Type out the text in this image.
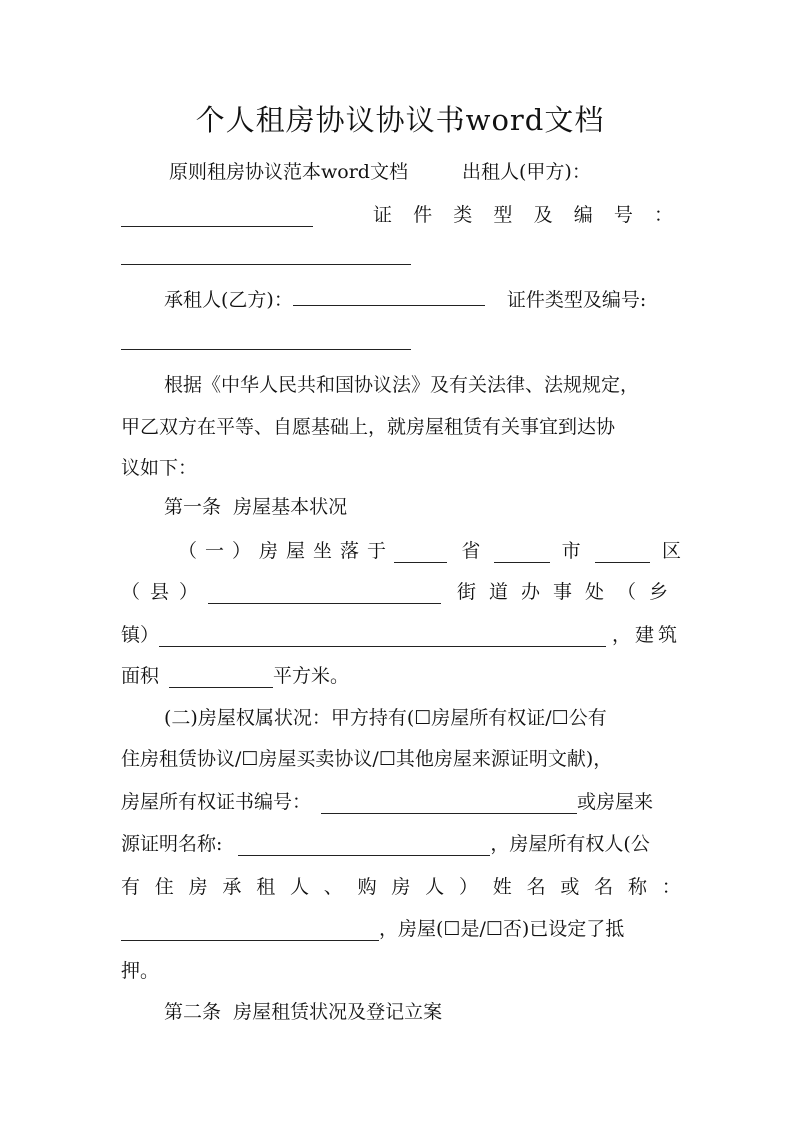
个人租房协议协议书word文档
原则租房协议范本word文档	出租人(甲方)：
证 件 类 型 及 编 号 ：
承租人(乙方)：	证件类型及编号:
根据《中华人民共和国协议法》及有关法律、法规规定，
甲乙双方在平等、自愿基础上，就房屋租赁有关事宜到达协
议如下：
第一条  房屋基本状况
（一）房屋坐落于	省	市	区
（县）	街道办事处（乡
镇）	，建筑
面积	平方米。
(二)房屋权属状况：甲方持有(☐房屋所有权证/☐公有
住房租赁协议/☐房屋买卖协议/☐其他房屋来源证明文献)，
房屋所有权证书编号：	或房屋来
源证明名称:	，房屋所有权人(公
有 住 房 承 租 人 、 购 房 人 ） 姓 名 或 名 称 ：
，房屋(☐是/☐否)已设定了抵
押。
第二条  房屋租赁状况及登记立案
